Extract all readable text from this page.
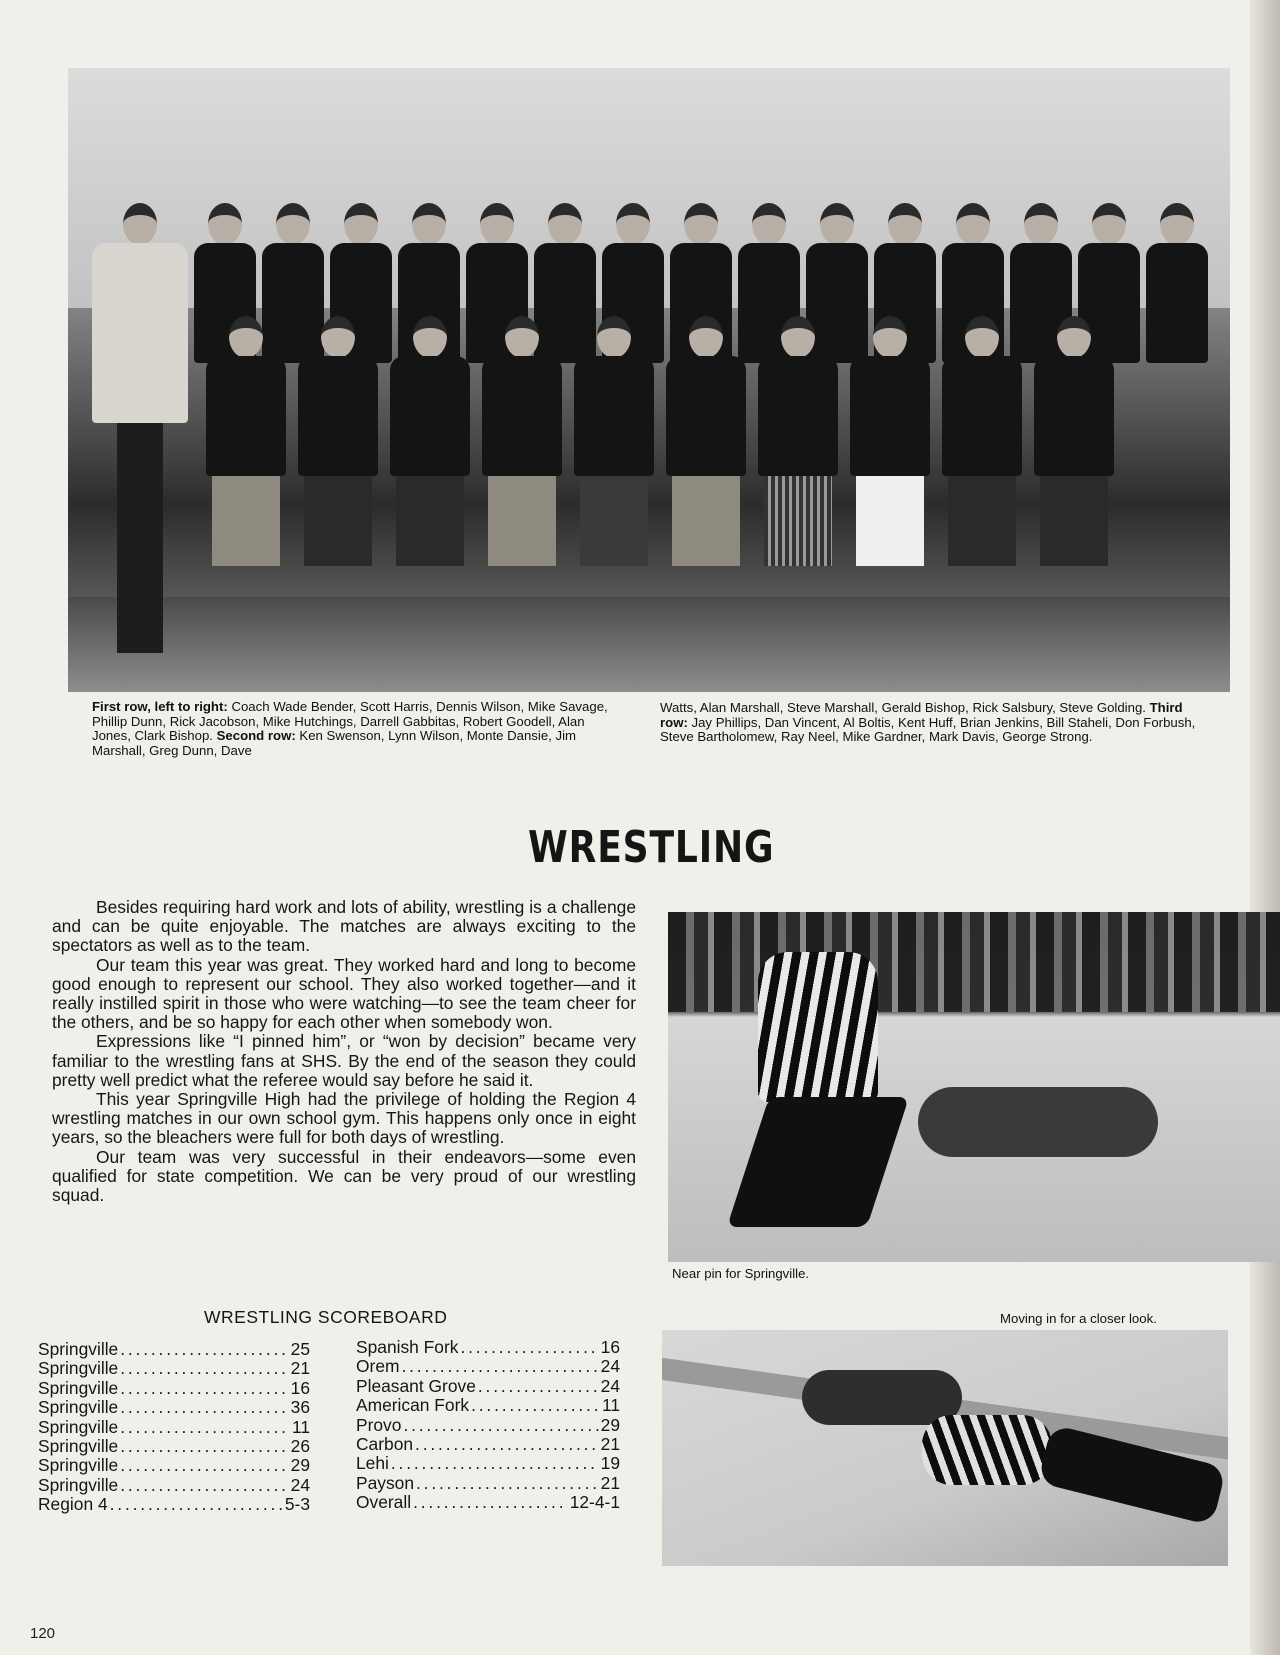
First row, left to right: Coach Wade Bender, Scott Harris, Dennis Wilson, Mike Savage, Phillip Dunn, Rick Jacobson, Mike Hutchings, Darrell Gabbitas, Robert Goodell, Alan Jones, Clark Bishop. Second row: Ken Swenson, Lynn Wilson, Monte Dansie, Jim Marshall, Greg Dunn, Dave
Watts, Alan Marshall, Steve Marshall, Gerald Bishop, Rick Salsbury, Steve Golding. Third row: Jay Phillips, Dan Vincent, Al Boltis, Kent Huff, Brian Jenkins, Bill Staheli, Don Forbush, Steve Bartholomew, Ray Neel, Mike Gardner, Mark Davis, George Strong.
WRESTLING

Besides requiring hard work and lots of ability, wrestling is a challenge and can be quite enjoyable. The matches are always exciting to the spectators as well as to the team.

Our team this year was great. They worked hard and long to become good enough to represent our school. They also worked together—and it really instilled spirit in those who were watching—to see the team cheer for the others, and be so happy for each other when somebody won.

Expressions like “I pinned him”, or “won by decision” became very familiar to the wrestling fans at SHS. By the end of the season they could pretty well predict what the referee would say before he said it.

This year Springville High had the privilege of holding the Region 4 wrestling matches in our own school gym. This happens only once in eight years, so the bleachers were full for both days of wrestling.

Our team was very successful in their endeavors—some even qualified for state competition. We can be very proud of our wrestling squad.

Near pin for Springville.
Moving in for a closer look.
WRESTLING SCOREBOARD
Springville . . .	25
Springville . . .	21
Springville . . .	16
Springville . . .	36
Springville . . .	11
Springville . . .	26
Springville . . .	29
Springville . . .	24
Region 4 . . .	5-3
Spanish Fork . . .	16
Orem . . .	24
Pleasant Grove . . .	24
American Fork . . .	11
Provo . . .	29
Carbon . . .	21
Lehi . . .	19
Payson . . .	21
Overall . . .	12-4-1
120
